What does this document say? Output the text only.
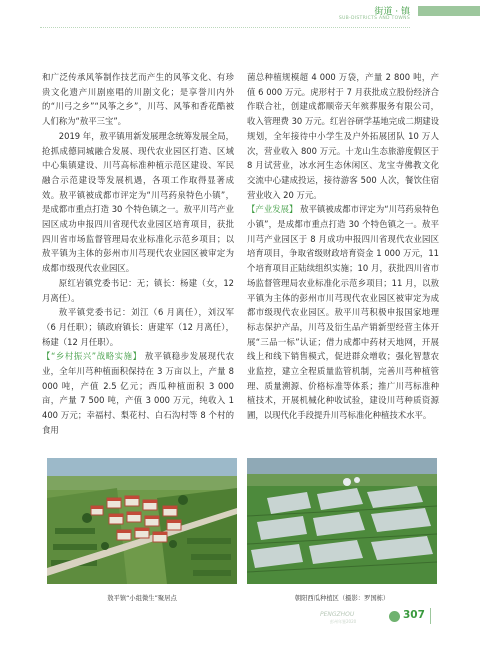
街道 · 镇
SUB-DISTRICTS AND TOWNS

和广泛传承风筝制作技艺而产生的风筝文化、有珍贵文化遗产川剧座唱的川剧文化；是享誉川内外的“川弓之乡”“风筝之乡”，川芎、风筝和香花酷被人们称为“敖平三宝”。

2019 年，敖平镇用新发展理念统筹发展全局，抢抓成德同城融合发展、现代农业园区打造、区域中心集镇建设、川芎高标准种植示范区建设、军民融合示范建设等发展机遇，各项工作取得显著成效。敖平镇被成都市评定为“川芎药泉特色小镇”，是成都市重点打造 30 个特色镇之一。敖平川芎产业园区成功申报四川省现代农业园区培育项目，获批四川省市场监督管理局农业标准化示范乡项目；以敖平镇为主体的彭州市川芎现代农业园区被审定为成都市级现代农业园区。

原红岩镇党委书记：无；镇长：杨建（女，12 月离任）。

敖平镇党委书记：刘江（6 月离任），刘汉军（6 月任职）；镇政府镇长：唐建军（12 月离任），杨建（12 月任职）。

【“乡村振兴”战略实施】 敖平镇稳步发展现代农业，全年川芎种植面积保持在 3 万亩以上，产量 8 000 吨，产值 2.5 亿元；西瓜种植面积 3 000 亩，产量 7 500 吨，产值 3 000 万元，纯收入 1 400 万元；幸福村、梨花村、白石沟村等 8 个村的食用

菌总种植规模超 4 000 万袋，产量 2 800 吨，产值 6 000 万元。虎形村于 7 月获批成立股份经济合作联合社，创建成都顺帝天年殡葬服务有限公司，收入管理费 30 万元。红岩谷研学基地完成二期建设规划，全年接待中小学生及户外拓展团队 10 万人次，营业收入 800 万元。十龙山生态旅游度假区于 8 月试营业，冰水河生态休闲区、龙宝寺佛教文化交流中心建成投运，接待游客 500 人次，餐饮住宿营业收入 20 万元。

【产业发展】 敖平镇被成都市评定为“川芎药泉特色小镇”，是成都市重点打造 30 个特色镇之一。敖平川芎产业园区于 8 月成功申报四川省现代农业园区培育项目，争取省级财政培育资金 1 000 万元，11 个培育项目正陆续组织实施；10 月，获批四川省市场监督管理局农业标准化示范乡项目；11 月，以敖平镇为主体的彭州市川芎现代农业园区被审定为成都市级现代农业园区。敖平川芎积极申报国家地理标志保护产品，川芎及衍生品产销新型经营主体开展“三品一标”认证；借力成都中药材天地网，开展线上和线下销售模式，促进群众增收；强化智慧农业监控，建立全程质量监管机制，完善川芎种植管理、质量溯源、价格标准等体系；推广川芎标准种植技术，开展机械化种收试验，建设川芎种质资源圃，以现代化手段提升川芎标准化种植技术水平。

敖平镇“小组微生”聚居点	朝阳西瓜种植区（摄影：罗国栋）
PENGZHOU
彭州年鉴2020
307
